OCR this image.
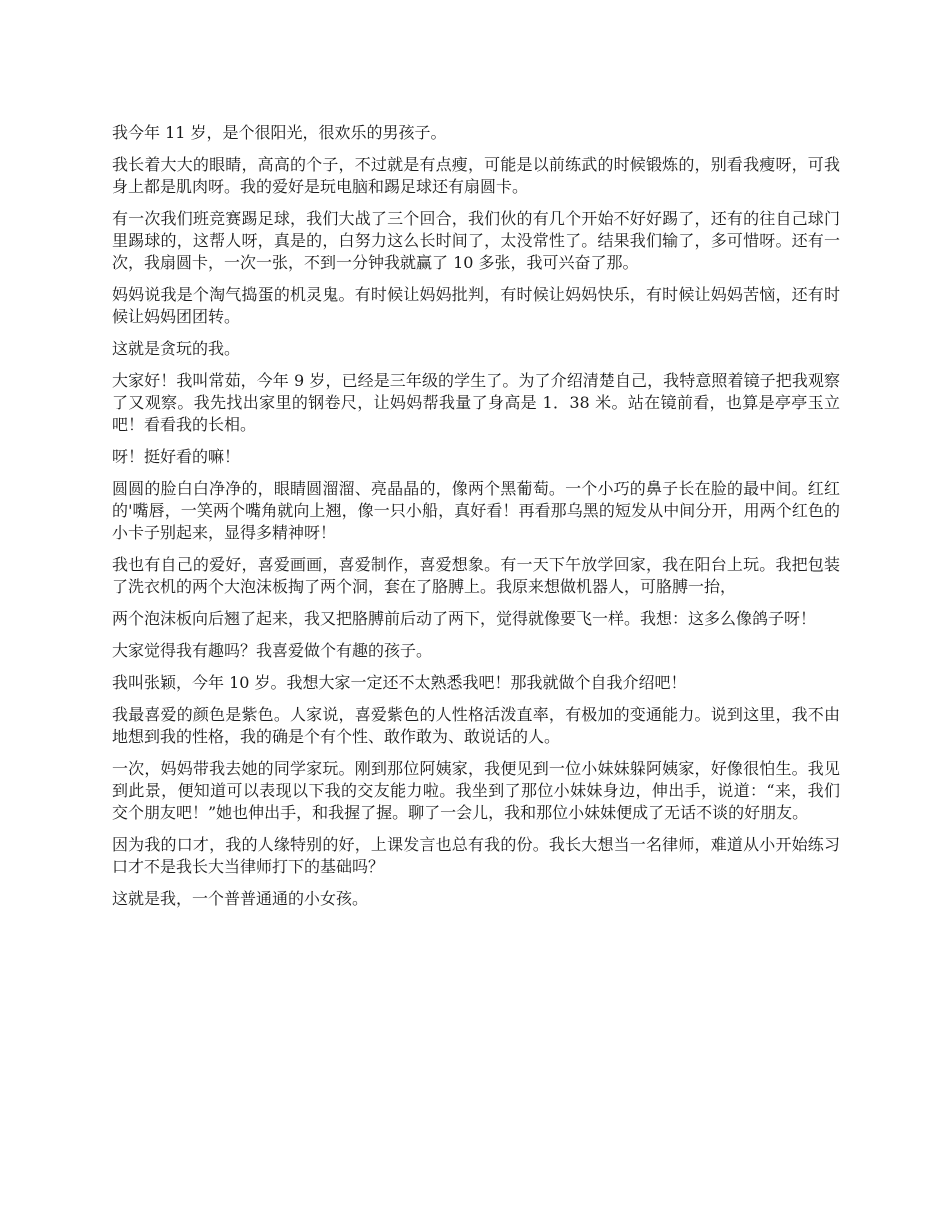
我今年 11 岁，是个很阳光，很欢乐的男孩子。

我长着大大的眼睛，高高的个子，不过就是有点瘦，可能是以前练武的时候锻炼的，别看我瘦呀，可我身上都是肌肉呀。我的爱好是玩电脑和踢足球还有扇圆卡。

有一次我们班竞赛踢足球，我们大战了三个回合，我们伙的有几个开始不好好踢了，还有的往自己球门里踢球的，这帮人呀，真是的，白努力这么长时间了，太没常性了。结果我们输了，多可惜呀。还有一次，我扇圆卡，一次一张，不到一分钟我就赢了 10 多张，我可兴奋了那。

妈妈说我是个淘气捣蛋的机灵鬼。有时候让妈妈批判，有时候让妈妈快乐，有时候让妈妈苦恼，还有时候让妈妈团团转。

这就是贪玩的我。

大家好！我叫常茹，今年 9 岁，已经是三年级的学生了。为了介绍清楚自己，我特意照着镜子把我观察了又观察。我先找出家里的钢卷尺，让妈妈帮我量了身高是 1．38 米。站在镜前看，也算是亭亭玉立吧！看看我的长相。

呀！挺好看的嘛！

圆圆的脸白白净净的，眼睛圆溜溜、亮晶晶的，像两个黑葡萄。一个小巧的鼻子长在脸的最中间。红红的'嘴唇，一笑两个嘴角就向上翘，像一只小船，真好看！再看那乌黑的短发从中间分开，用两个红色的小卡子别起来，显得多精神呀！

我也有自己的爱好，喜爱画画，喜爱制作，喜爱想象。有一天下午放学回家，我在阳台上玩。我把包装了洗衣机的两个大泡沫板掏了两个洞，套在了胳膊上。我原来想做机器人，可胳膊一抬，

两个泡沫板向后翘了起来，我又把胳膊前后动了两下，觉得就像要飞一样。我想：这多么像鸽子呀！

大家觉得我有趣吗？我喜爱做个有趣的孩子。

我叫张颖，今年 10 岁。我想大家一定还不太熟悉我吧！那我就做个自我介绍吧！

我最喜爱的颜色是紫色。人家说，喜爱紫色的人性格活泼直率，有极加的变通能力。说到这里，我不由地想到我的性格，我的确是个有个性、敢作敢为、敢说话的人。

一次，妈妈带我去她的同学家玩。刚到那位阿姨家，我便见到一位小妹妹躲阿姨家，好像很怕生。我见到此景，便知道可以表现以下我的交友能力啦。我坐到了那位小妹妹身边，伸出手，说道：“来，我们交个朋友吧！”她也伸出手，和我握了握。聊了一会儿，我和那位小妹妹便成了无话不谈的好朋友。

因为我的口才，我的人缘特别的好，上课发言也总有我的份。我长大想当一名律师，难道从小开始练习口才不是我长大当律师打下的基础吗？

这就是我，一个普普通通的小女孩。
